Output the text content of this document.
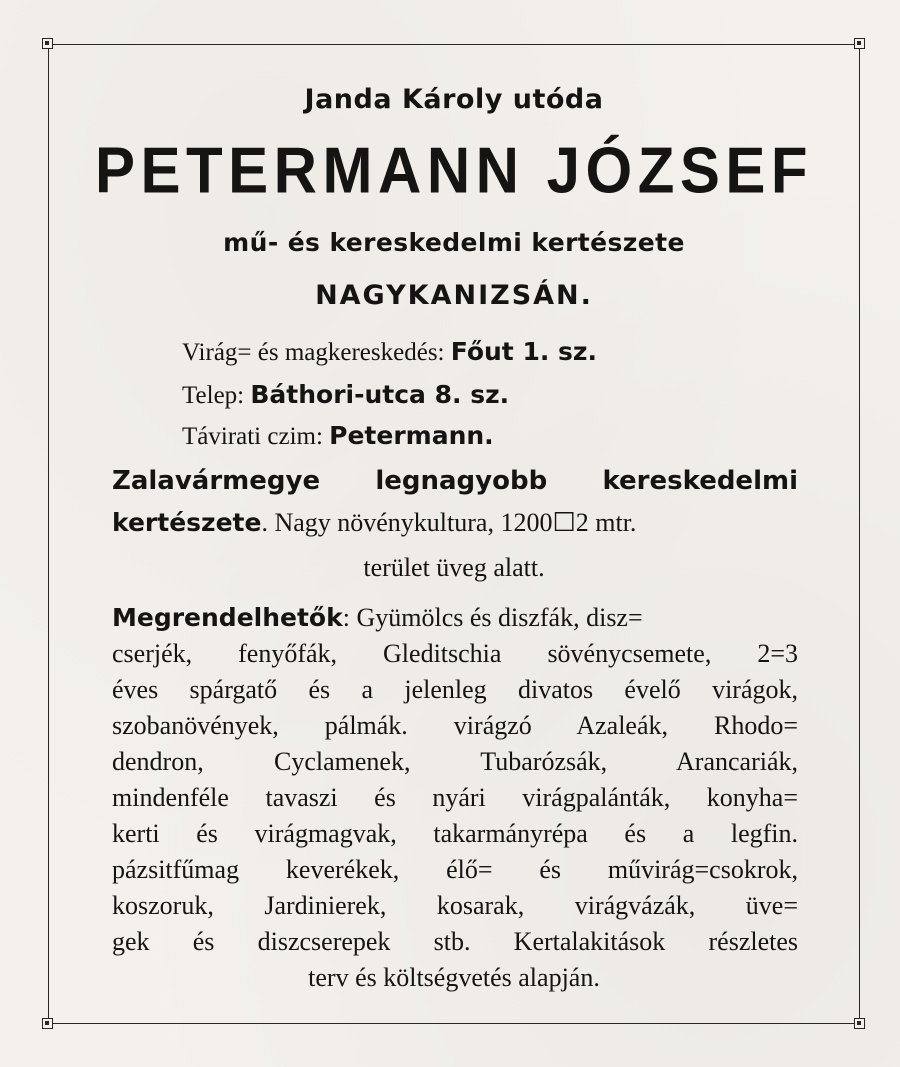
Janda Károly utóda
PETERMANN JÓZSEF
mű- és kereskedelmi kertészete
NAGYKANIZSÁN.
Virág= és magkereskedés: Főut 1. sz.
Telep: Báthori-utca 8. sz.
Távirati czim: Petermann.
Zalavármegye legnagyobb kereskedelmi
kertészete. Nagy növénykultura, 1200☐2 mtr.
terület üveg alatt.
Megrendelhetők: Gyümölcs és diszfák, disz=
cserjék, fenyőfák, Gleditschia sövénycsemete, 2=3
éves spárgatő és a jelenleg divatos évelő virágok,
szobanövények, pálmák. virágzó Azaleák, Rhodo=
dendron, Cyclamenek, Tubarózsák, Arancariák,
mindenféle tavaszi és nyári virágpalánták, konyha=
kerti és virágmagvak, takarmányrépa és a legfin.
pázsitfűmag keverékek, élő= és művirág=csokrok,
koszoruk, Jardinierek, kosarak, virágvázák, üve=
gek és diszcserepek stb. Kertalakitások részletes
terv és költségvetés alapján.
